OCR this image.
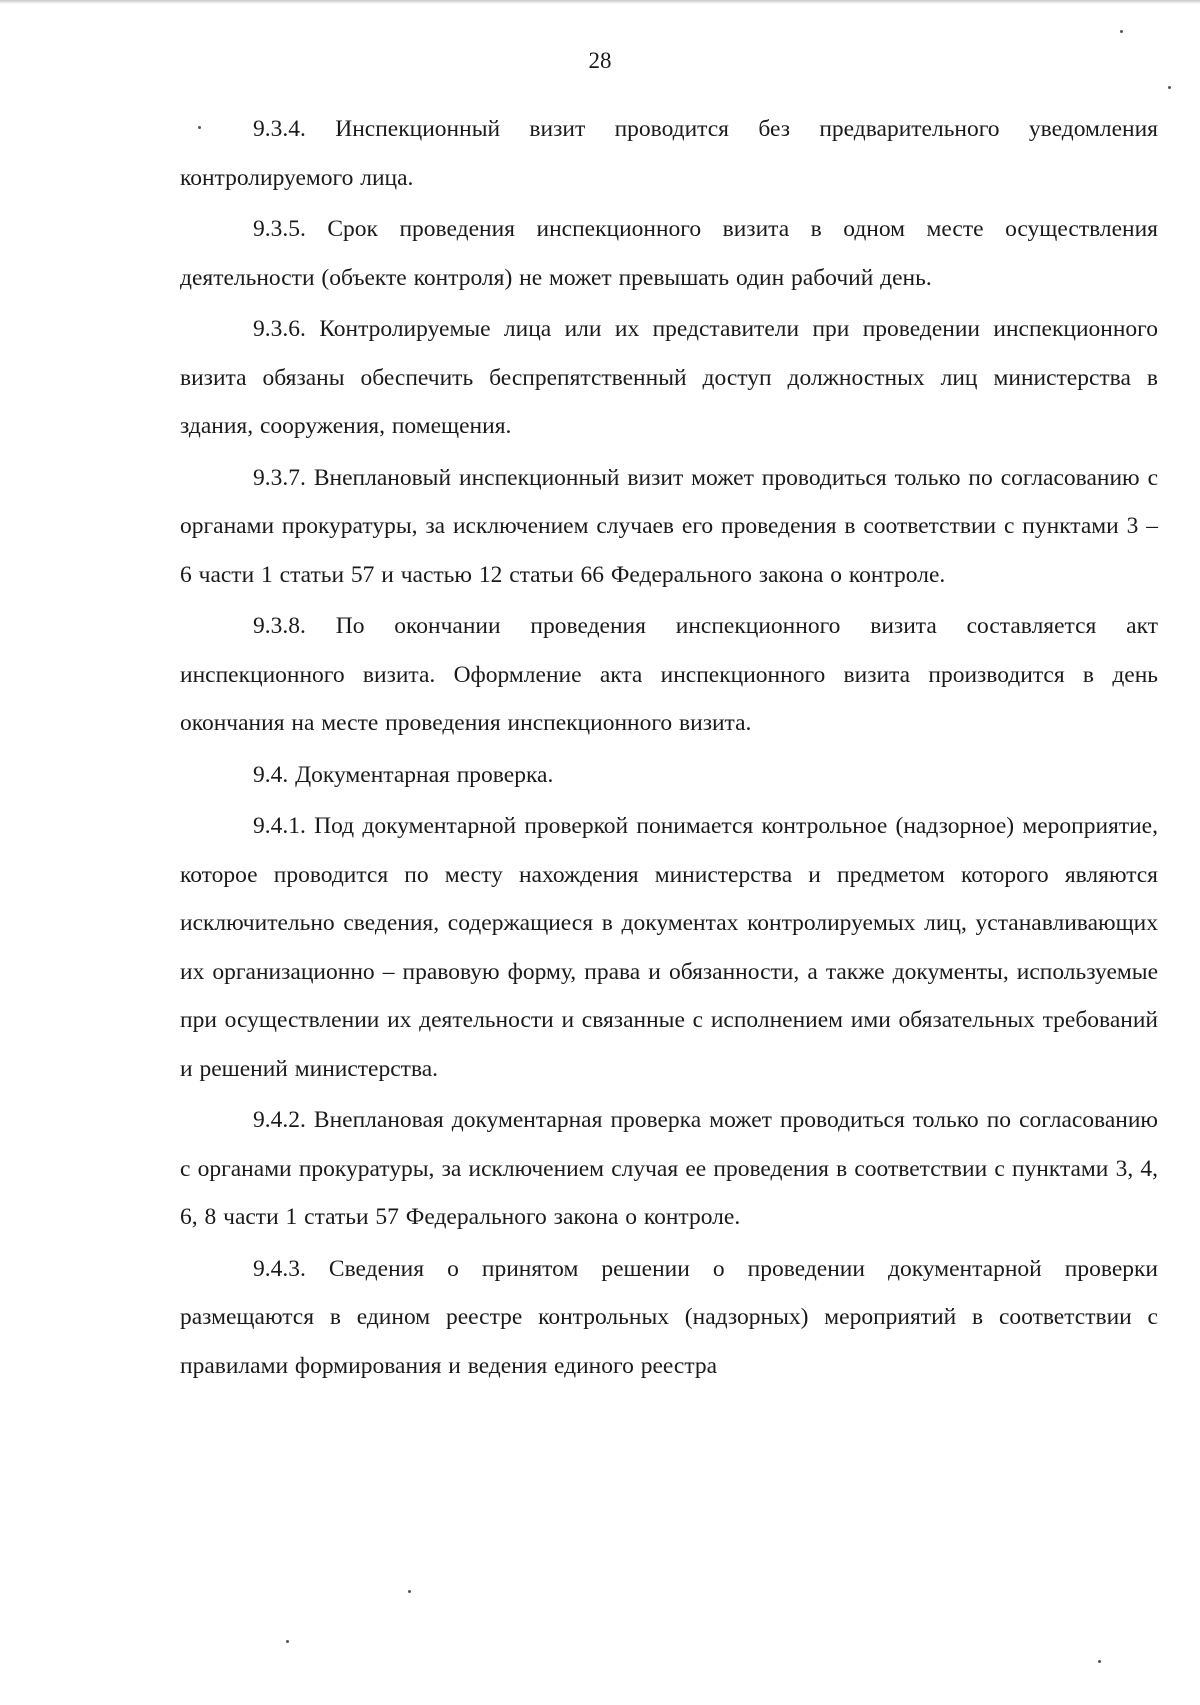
28

9.3.4. Инспекционный визит проводится без предварительного уведомления контролируемого лица.

9.3.5. Срок проведения инспекционного визита в одном месте осуществления деятельности (объекте контроля) не может превышать один рабочий день.

9.3.6. Контролируемые лица или их представители при проведении инспекционного визита обязаны обеспечить беспрепятственный доступ должностных лиц министерства в здания, сооружения, помещения.

9.3.7. Внеплановый инспекционный визит может проводиться только по согласованию с органами прокуратуры, за исключением случаев его проведения в соответствии с пунктами 3 – 6 части 1 статьи 57 и частью 12 статьи 66 Федерального закона о контроле.

9.3.8. По окончании проведения инспекционного визита составляется акт инспекционного визита. Оформление акта инспекционного визита производится в день окончания на месте проведения инспекционного визита.

9.4. Документарная проверка.

9.4.1. Под документарной проверкой понимается контрольное (надзорное) мероприятие, которое проводится по месту нахождения министерства и предметом которого являются исключительно сведения, содержащиеся в документах контролируемых лиц, устанавливающих их организационно – правовую форму, права и обязанности, а также документы, используемые при осуществлении их деятельности и связанные с исполнением ими обязательных требований и решений министерства.

9.4.2. Внеплановая документарная проверка может проводиться только по согласованию с органами прокуратуры, за исключением случая ее проведения в соответствии с пунктами 3, 4, 6, 8 части 1 статьи 57 Федерального закона о контроле.

9.4.3. Сведения о принятом решении о проведении документарной проверки размещаются в едином реестре контрольных (надзорных) мероприятий в соответствии с правилами формирования и ведения единого реестра
